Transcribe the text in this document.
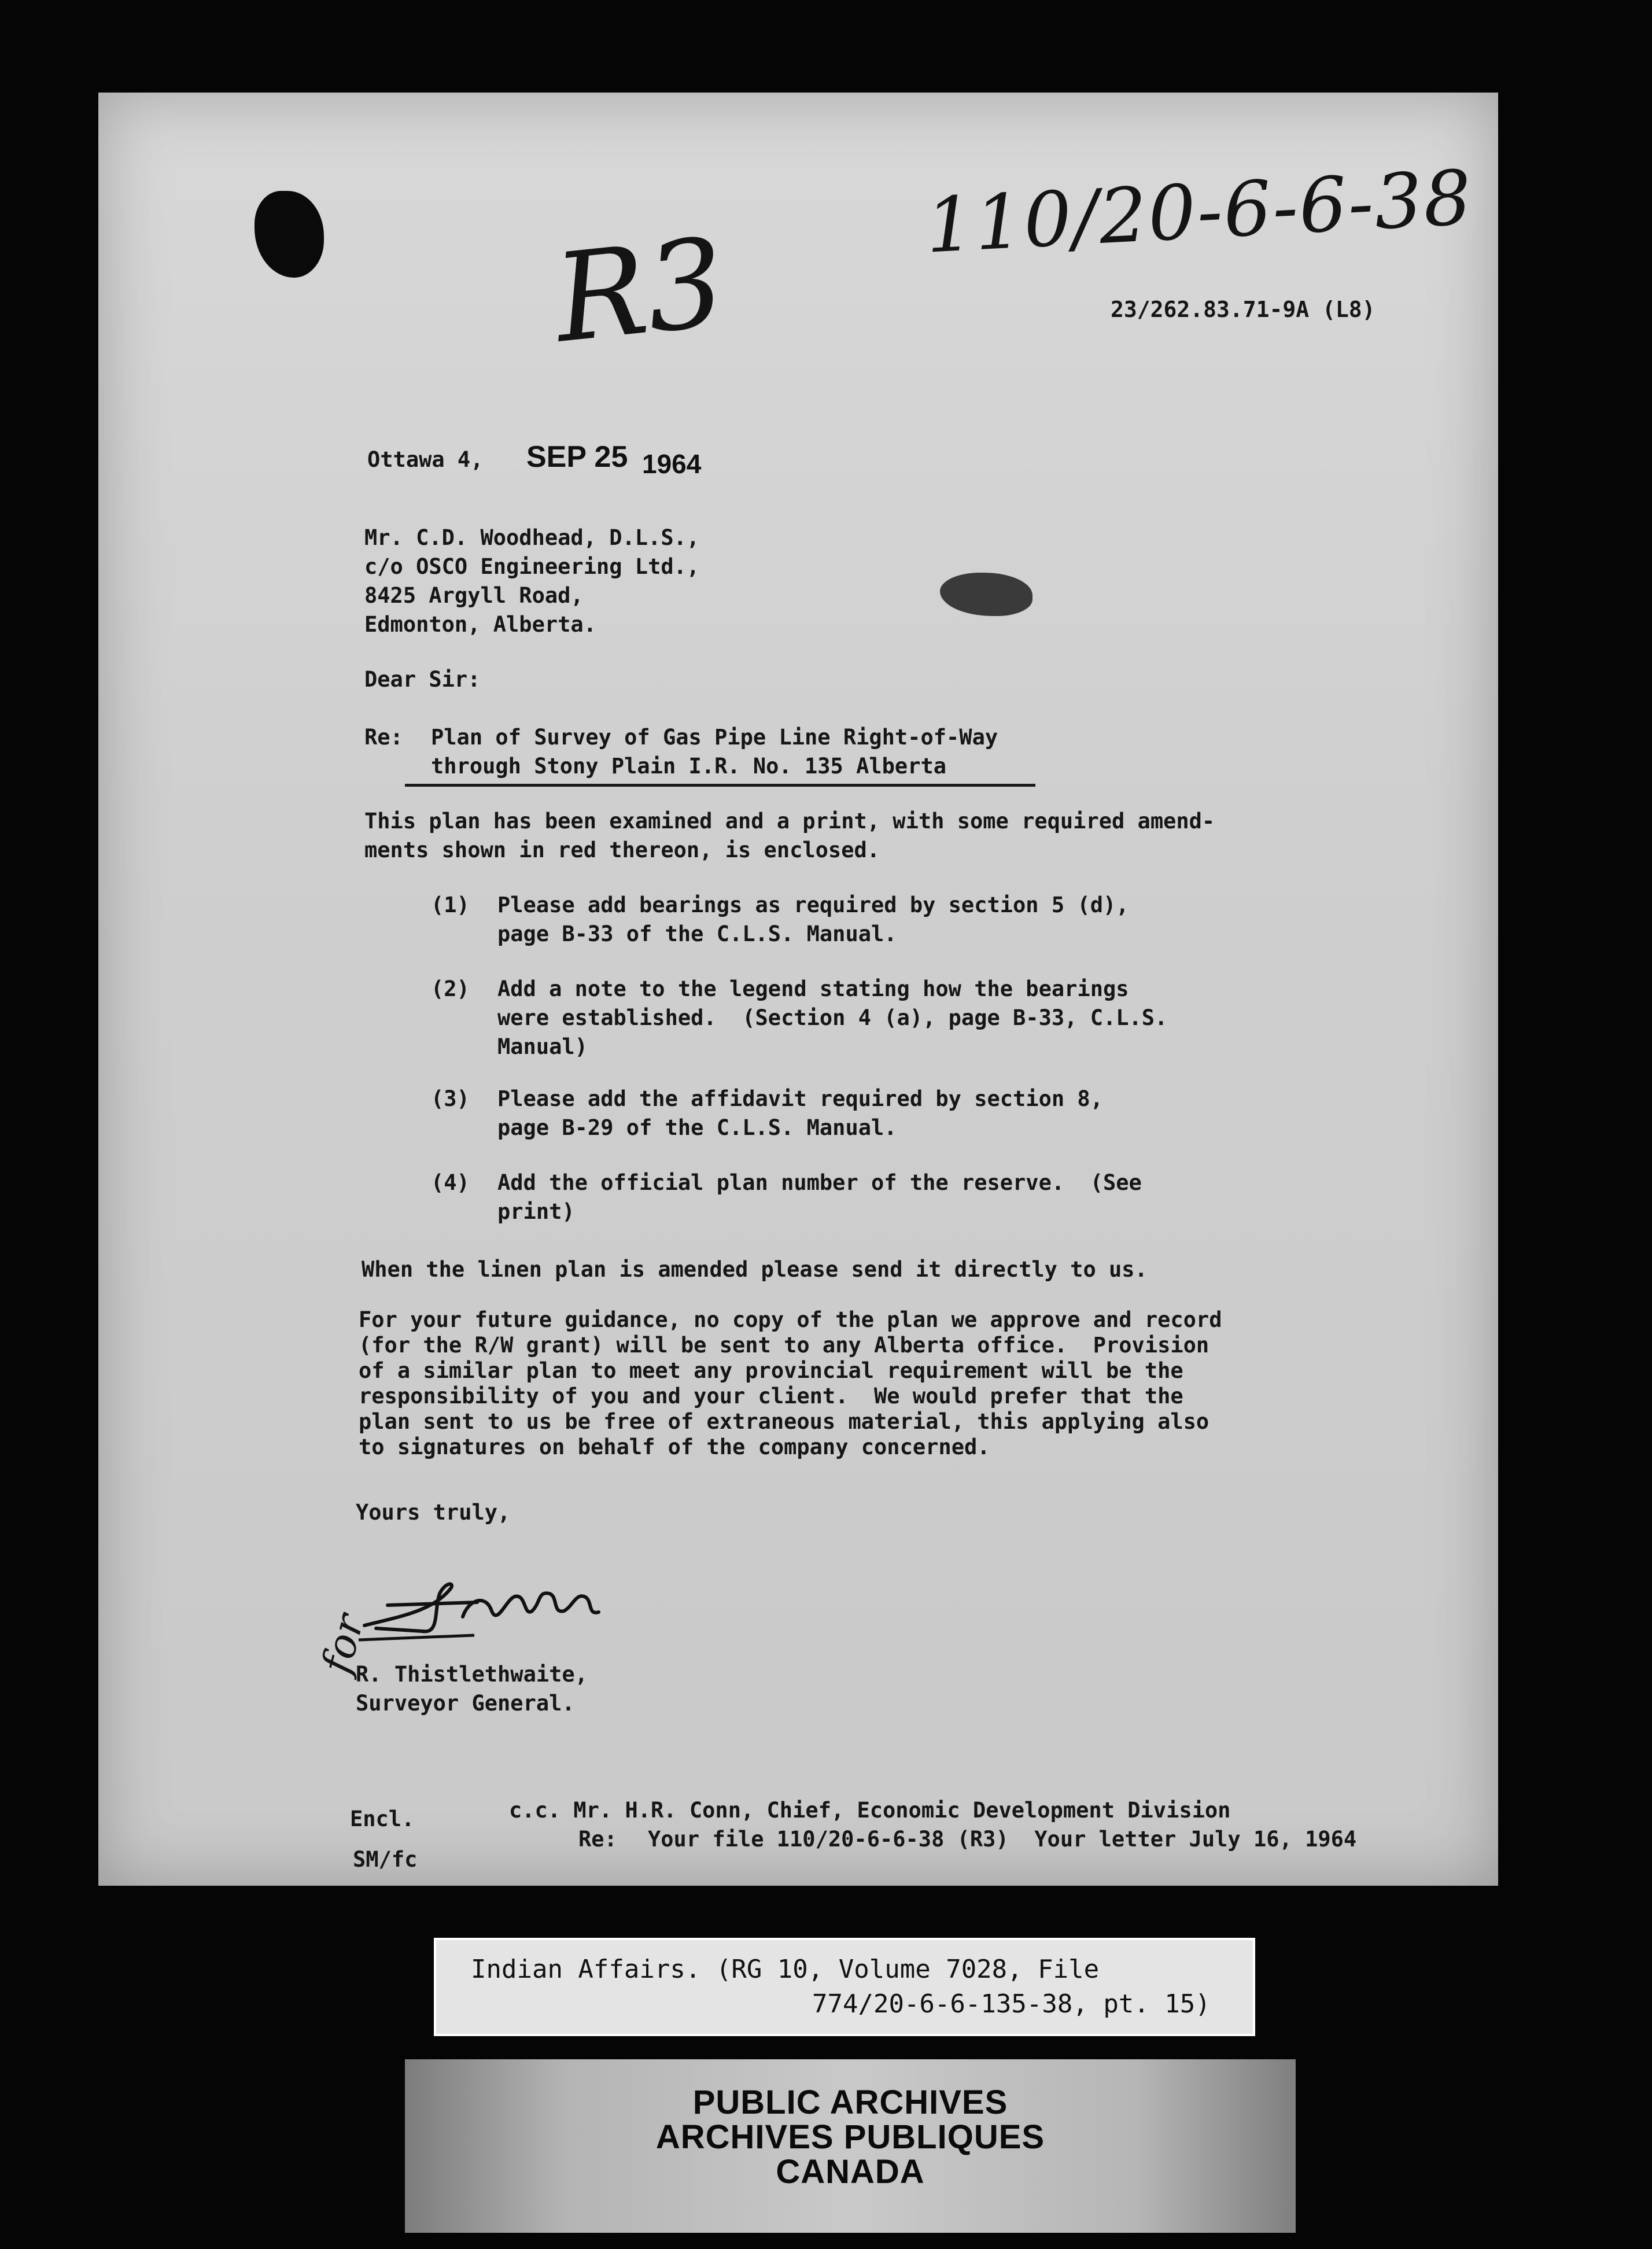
110/20-6-6-38
R3	23/262.83.71-9A (L8)
Ottawa 4, SEP 25 1964
Mr. C.D. Woodhead, D.L.S.,
c/o OSCO Engineering Ltd.,
8425 Argyll Road,
Edmonton, Alberta.
Dear Sir:
Re: Plan of Survey of Gas Pipe Line Right-of-Way
through Stony Plain I.R. No. 135 Alberta
This plan has been examined and a print, with some required amend-
ments shown in red thereon, is enclosed.
(1)	Please add bearings as required by section 5 (d),
page B-33 of the C.L.S. Manual.
(2)	Add a note to the legend stating how the bearings
were established.  (Section 4 (a), page B-33, C.L.S.
Manual)
(3)	Please add the affidavit required by section 8,
page B-29 of the C.L.S. Manual.
(4)	Add the official plan number of the reserve.  (See
print)
When the linen plan is amended please send it directly to us.
For your future guidance, no copy of the plan we approve and record
(for the R/W grant) will be sent to any Alberta office.  Provision
of a similar plan to meet any provincial requirement will be the
responsibility of you and your client.  We would prefer that the
plan sent to us be free of extraneous material, this applying also
to signatures on behalf of the company concerned.
Yours truly,
for
R. Thistlethwaite,
Surveyor General.
Encl.
SM/fc
c.c. Mr. H.R. Conn, Chief, Economic Development Division
Re: Your file 110/20-6-6-38 (R3)  Your letter July 16, 1964
Indian Affairs. (RG 10, Volume 7028, File
774/20-6-6-135-38, pt. 15)
PUBLIC ARCHIVES
ARCHIVES PUBLIQUES
CANADA
